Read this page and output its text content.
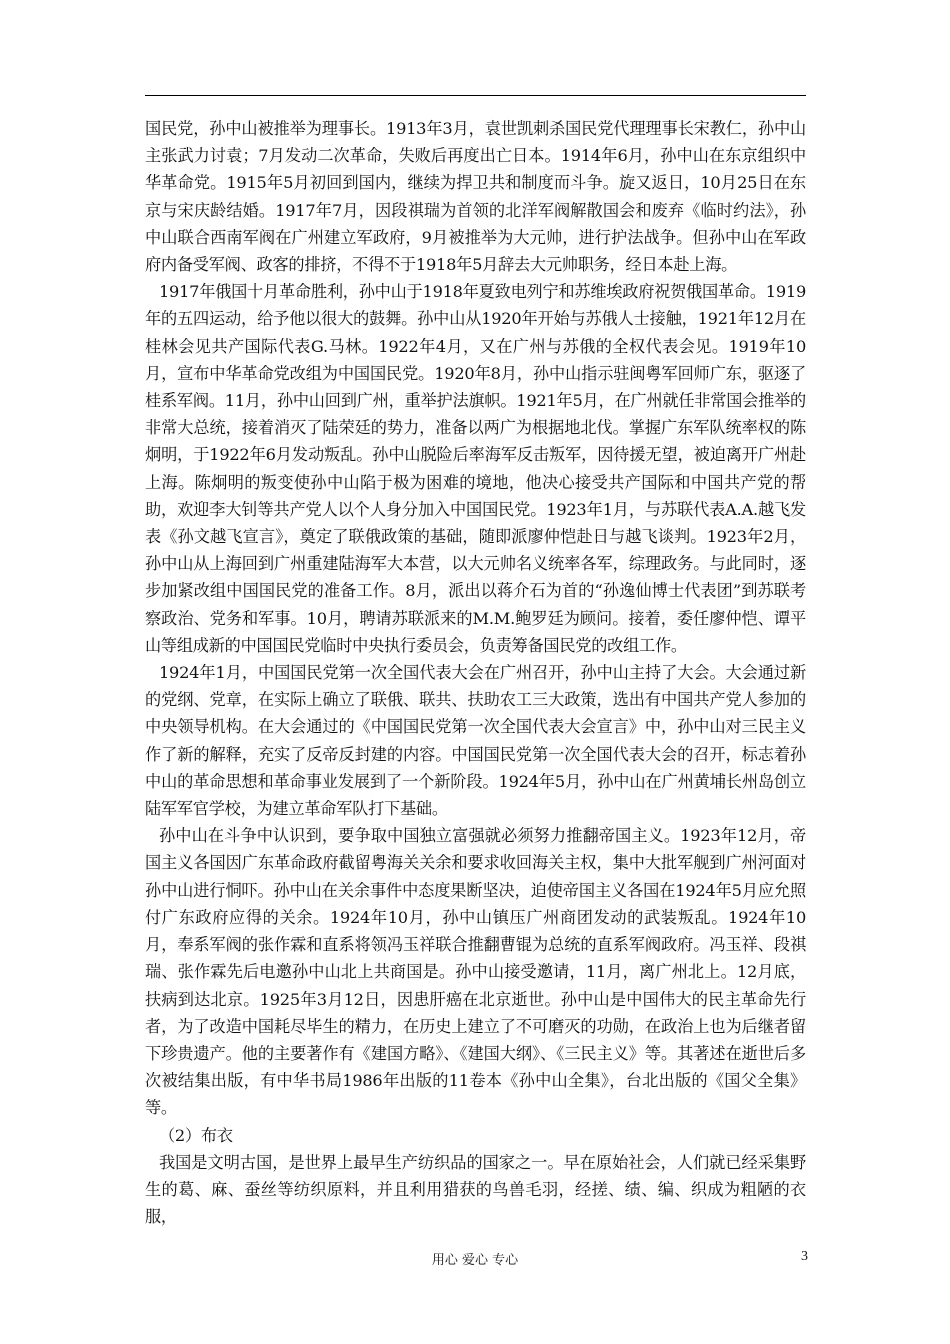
国民党，孙中山被推举为理事长。1913年3月，袁世凯刺杀国民党代理理事长宋教仁，孙中山主张武力讨袁；7月发动二次革命，失败后再度出亡日本。1914年6月，孙中山在东京组织中华革命党。1915年5月初回到国内，继续为捍卫共和制度而斗争。旋又返日，10月25日在东京与宋庆龄结婚。1917年7月，因段祺瑞为首领的北洋军阀解散国会和废弃《临时约法》，孙中山联合西南军阀在广州建立军政府，9月被推举为大元帅，进行护法战争。但孙中山在军政府内备受军阀、政客的排挤，不得不于1918年5月辞去大元帅职务，经日本赴上海。

1917年俄国十月革命胜利，孙中山于1918年夏致电列宁和苏维埃政府祝贺俄国革命。1919年的五四运动，给予他以很大的鼓舞。孙中山从1920年开始与苏俄人士接触，1921年12月在桂林会见共产国际代表G.马林。1922年4月，又在广州与苏俄的全权代表会见。1919年10月，宣布中华革命党改组为中国国民党。1920年8月，孙中山指示驻闽粤军回师广东，驱逐了桂系军阀。11月，孙中山回到广州，重举护法旗帜。1921年5月，在广州就任非常国会推举的非常大总统，接着消灭了陆荣廷的势力，准备以两广为根据地北伐。掌握广东军队统率权的陈炯明，于1922年6月发动叛乱。孙中山脱险后率海军反击叛军，因待援无望，被迫离开广州赴上海。陈炯明的叛变使孙中山陷于极为困难的境地，他决心接受共产国际和中国共产党的帮助，欢迎李大钊等共产党人以个人身分加入中国国民党。1923年1月，与苏联代表A.A.越飞发表《孙文越飞宣言》，奠定了联俄政策的基础，随即派廖仲恺赴日与越飞谈判。1923年2月，孙中山从上海回到广州重建陆海军大本营，以大元帅名义统率各军，综理政务。与此同时，逐步加紧改组中国国民党的准备工作。8月，派出以蒋介石为首的“孙逸仙博士代表团”到苏联考察政治、党务和军事。10月，聘请苏联派来的M.M.鲍罗廷为顾问。接着，委任廖仲恺、谭平山等组成新的中国国民党临时中央执行委员会，负责筹备国民党的改组工作。

1924年1月，中国国民党第一次全国代表大会在广州召开，孙中山主持了大会。大会通过新的党纲、党章，在实际上确立了联俄、联共、扶助农工三大政策，选出有中国共产党人参加的中央领导机构。在大会通过的《中国国民党第一次全国代表大会宣言》中，孙中山对三民主义作了新的解释，充实了反帝反封建的内容。中国国民党第一次全国代表大会的召开，标志着孙中山的革命思想和革命事业发展到了一个新阶段。1924年5月，孙中山在广州黄埔长州岛创立陆军军官学校，为建立革命军队打下基础。

孙中山在斗争中认识到，要争取中国独立富强就必须努力推翻帝国主义。1923年12月，帝国主义各国因广东革命政府截留粤海关关余和要求收回海关主权，集中大批军舰到广州河面对孙中山进行恫吓。孙中山在关余事件中态度果断坚决，迫使帝国主义各国在1924年5月应允照付广东政府应得的关余。1924年10月，孙中山镇压广州商团发动的武装叛乱。1924年10月，奉系军阀的张作霖和直系将领冯玉祥联合推翻曹锟为总统的直系军阀政府。冯玉祥、段祺瑞、张作霖先后电邀孙中山北上共商国是。孙中山接受邀请，11月，离广州北上。12月底，扶病到达北京。1925年3月12日，因患肝癌在北京逝世。孙中山是中国伟大的民主革命先行者，为了改造中国耗尽毕生的精力，在历史上建立了不可磨灭的功勋，在政治上也为后继者留下珍贵遗产。他的主要著作有《建国方略》、《建国大纲》、《三民主义》等。其著述在逝世后多次被结集出版，有中华书局1986年出版的11卷本《孙中山全集》，台北出版的《国父全集》等。

（2）布衣

我国是文明古国，是世界上最早生产纺织品的国家之一。早在原始社会，人们就已经采集野生的葛、麻、蚕丝等纺织原料，并且利用猎获的鸟兽毛羽，经搓、绩、编、织成为粗陋的衣服，

用心 爱心 专心	3
